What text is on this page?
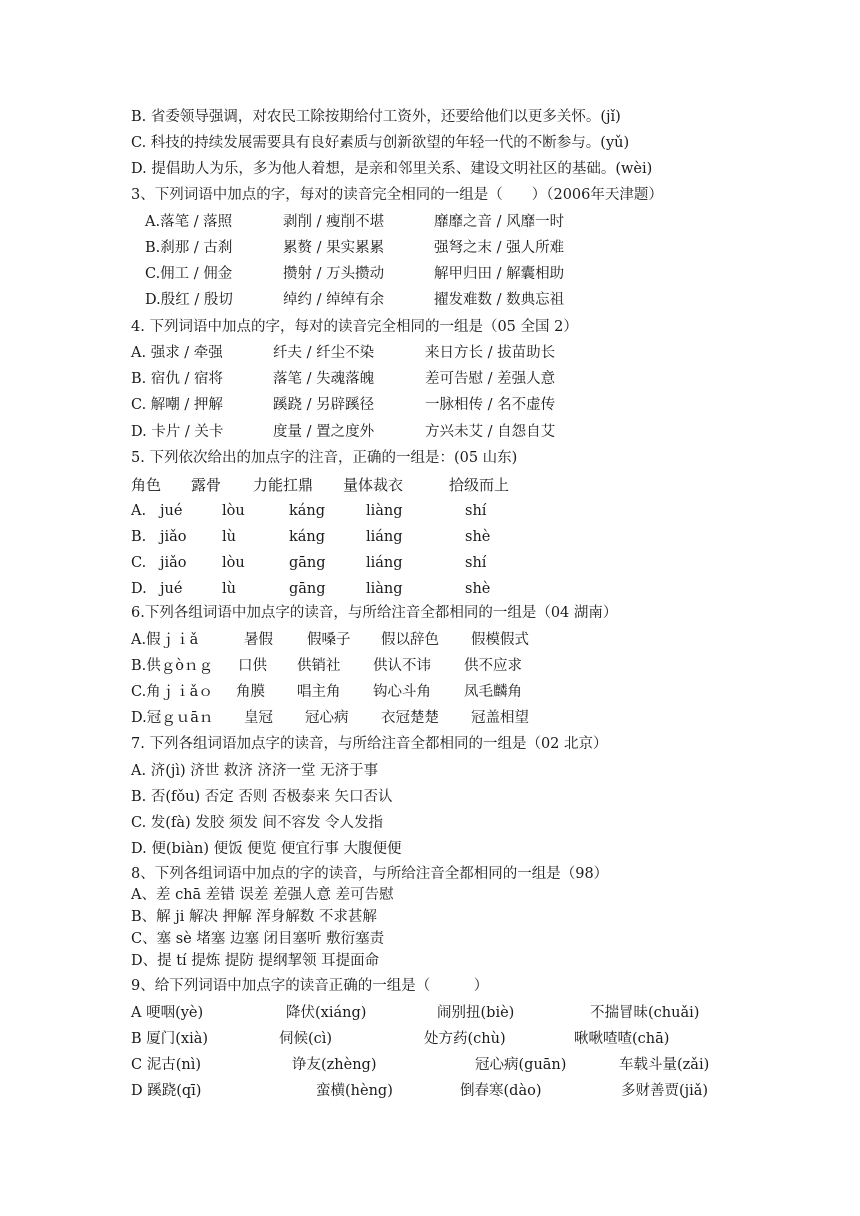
B. 省委领导强调，对农民工除按期给付工资外，还要给他们以更多关怀。(jǐ)
C. 科技的持续发展需要具有良好素质与创新欲望的年轻一代的不断参与。(yǔ)
D. 提倡助人为乐，多为他人着想，是亲和邻里关系、建设文明社区的基础。(wèi)
3、下列词语中加点的字，每对的读音完全相同的一组是（　　）（2006年天津题）
A.落笔 / 落照	剥削 / 瘦削不堪	靡靡之音 / 风靡一时
B.刹那 / 古刹	累赘 / 果实累累	强弩之末 / 强人所难
C.佣工 / 佣金	攒射 / 万头攒动	解甲归田 / 解囊相助
D.殷红 / 殷切	绰约 / 绰绰有余	擢发难数 / 数典忘祖
4. 下列词语中加点的字，每对的读音完全相同的一组是（05 全国 2）
A. 强求 / 牵强	纤夫 / 纤尘不染	来日方长 / 拔苗助长
B. 宿仇 / 宿将	落笔 / 失魂落魄	差可告慰 / 差强人意
C. 解嘲 / 押解	蹊跷 / 另辟蹊径	一脉相传 / 名不虚传
D. 卡片 / 关卡	度量 / 置之度外	方兴未艾 / 自怨自艾
5. 下列依次给出的加点字的注音，正确的一组是：(05 山东)
角色 露骨 力能扛鼎 量体裁衣	拾级而上
A. jué	lòu	káng	liàng	shí
B. jiǎo lù	káng	liáng	shè
C. jiǎo lòu	gāng	liáng	shí
D. jué	lù	gāng	liàng	shè
6.下列各组词语中加点字的读音，与所给注音全都相同的一组是（04 湖南）
A.假ｊｉǎ	暑假 假嗓子 假以辞色 假模假式
B.供ｇòｎｇ 口供 供销社 供认不讳 供不应求
C.角ｊｉǎｏ 角膜 唱主角 钩心斗角 凤毛麟角
D.冠ｇｕāｎ 皇冠 冠心病 衣冠楚楚 冠盖相望
7. 下列各组词语加点字的读音，与所给注音全都相同的一组是（02 北京）
A. 济(jì) 济世 救济 济济一堂 无济于事
B. 否(fǒu) 否定 否则 否极泰来 矢口否认
C. 发(fà) 发胶 须发 间不容发 令人发指
D. 便(biàn) 便饭 便览 便宜行事 大腹便便
8、下列各组词语中加点的字的读音，与所给注音全都相同的一组是（98）
A、差 chā 差错 误差 差强人意 差可告慰
B、解 ji 解决 押解 浑身解数 不求甚解
C、塞 sè 堵塞 边塞 闭目塞听 敷衍塞责
D、提 tí 提炼 提防 提纲挈领 耳提面命
9、给下列词语中加点字的读音正确的一组是（　　　）
A 哽咽(yè)	降伏(xiáng)	闹别扭(biè)	不揣冒昧(chuǎi)
B 厦门(xià)	伺候(cì)	处方药(chù)	啾啾喳喳(chā)
C 泥古(nì)	诤友(zhèng)	冠心病(guān)	车载斗量(zǎi)
D 蹊跷(qī)	蛮横(hèng)	倒春寒(dào)	多财善贾(jiǎ)
